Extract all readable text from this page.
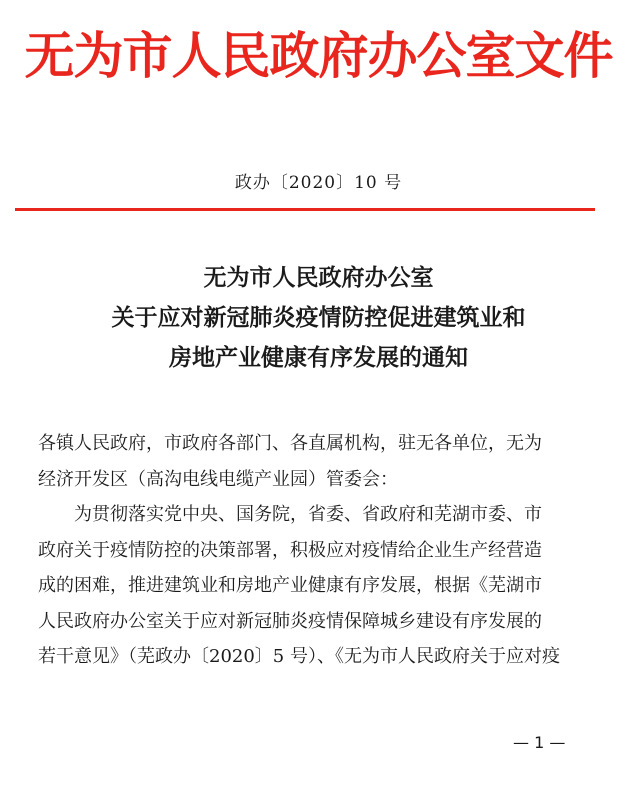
无为市人民政府办公室文件
政办〔2020〕10 号
无为市人民政府办公室
关于应对新冠肺炎疫情防控促进建筑业和
房地产业健康有序发展的通知
各镇人民政府，市政府各部门、各直属机构，驻无各单位，无为
经济开发区（高沟电线电缆产业园）管委会：
为贯彻落实党中央、国务院，省委、省政府和芜湖市委、市
政府关于疫情防控的决策部署，积极应对疫情给企业生产经营造
成的困难，推进建筑业和房地产业健康有序发展，根据《芜湖市
人民政府办公室关于应对新冠肺炎疫情保障城乡建设有序发展的
若干意见》（芜政办〔2020〕5 号）、《无为市人民政府关于应对疫
— 1 —
